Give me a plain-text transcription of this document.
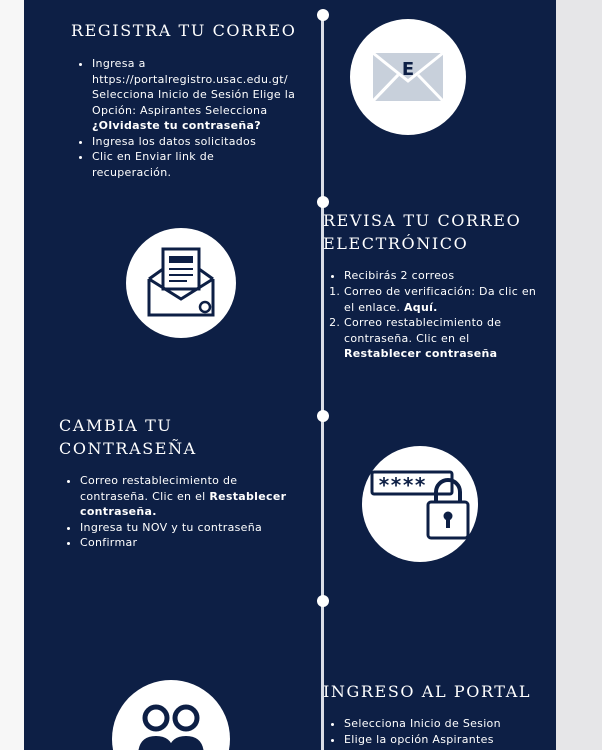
REGISTRA TU CORREO
• Ingresa a https://portalregistro.usac.edu.gt/ Selecciona Inicio de Sesión Elige la Opción: Aspirantes Selecciona ¿Olvidaste tu contraseña?
• Ingresa los datos solicitados
• Clic en Enviar link de recuperación.
E
REVISA TU CORREO
ELECTRÓNICO
• Recibirás 2 correos
1. Correo de verificación: Da clic en el enlace. Aquí.
2. Correo restablecimiento de contraseña. Clic en el Restablecer contraseña
CAMBIA TU
CONTRASEÑA
• Correo restablecimiento de contraseña. Clic en el Restablecer contraseña.
• Ingresa tu NOV y tu contraseña
• Confirmar
****
INGRESO AL PORTAL
• Selecciona Inicio de Sesion
• Elige la opción Aspirantes
